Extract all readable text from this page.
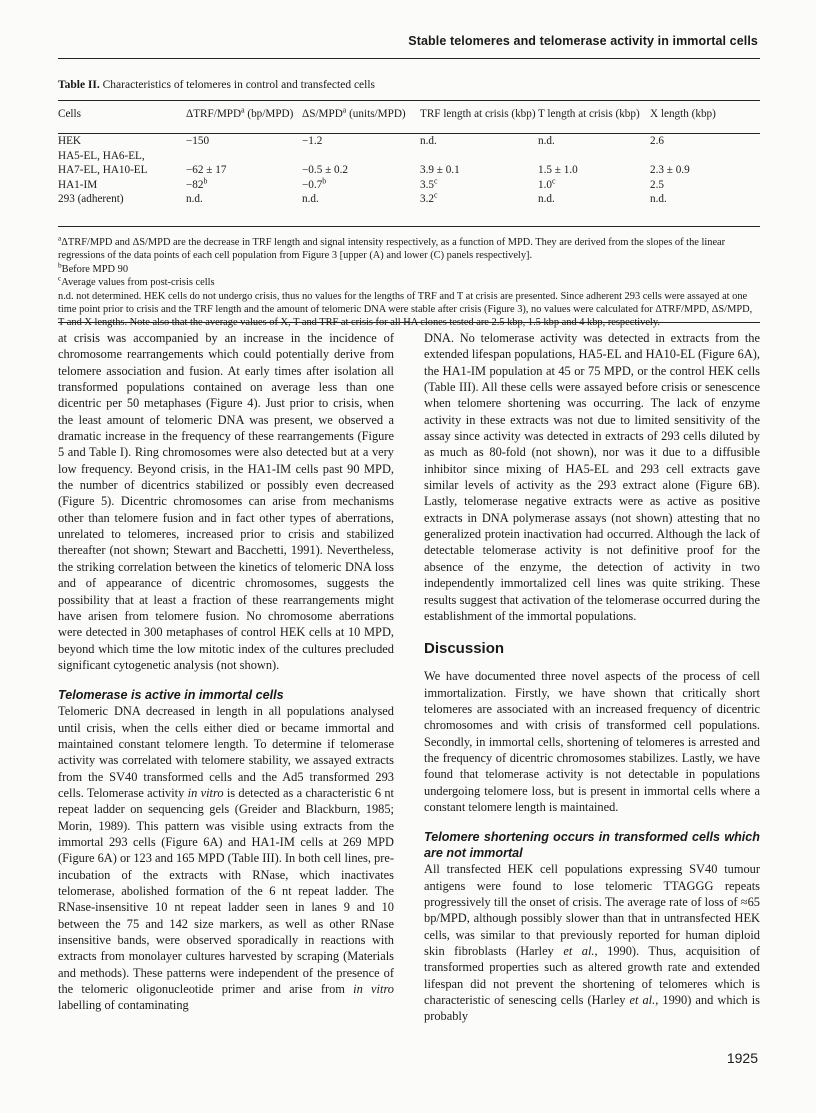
Stable telomeres and telomerase activity in immortal cells
Table II. Characteristics of telomeres in control and transfected cells
Cells	ΔTRF/MPD$^a$ (bp/MPD)	ΔS/MPD$^a$ (units/MPD)	TRF length at crisis (kbp)	T length at crisis (kbp)	X length (kbp)
HEK	−150	−1.2	n.d.	n.d.	2.6
HA5-EL, HA6-EL,					
HA7-EL, HA10-EL	−62 ± 17	−0.5 ± 0.2	3.9 ± 0.1	1.5 ± 1.0	2.3 ± 0.9
HA1-IM	$-82^b$	−0.7$^b$	3.5$^c$	1.0$^c$	2.5
293 (adherent)	n.d.	n.d.	3.2$^c$	n.d.	n.d.

$^a$ΔTRF/MPD and ΔS/MPD are the decrease in TRF length and signal intensity respectively, as a function of MPD. They are derived from the slopes of the linear regressions of the data points of each cell population from Figure 3 [upper (A) and lower (C) panels respectively].

$^b$Before MPD 90

$^c$Average values from post-crisis cells

n.d. not determined. HEK cells do not undergo crisis, thus no values for the lengths of TRF and T at crisis are presented. Since adherent 293 cells were assayed at one time point prior to crisis and the TRF length and the amount of telomeric DNA were stable after crisis (Figure 3), no values were calculated for ΔTRF/MPD, ΔS/MPD, T and X lengths. Note also that the average values of X, T and TRF at crisis for all HA clones tested are 2.5 kbp, 1.5 kbp and 4 kbp, respectively.

at crisis was accompanied by an increase in the incidence of chromosome rearrangements which could potentially derive from telomere association and fusion. At early times after isolation all transformed populations contained on average less than one dicentric per 50 metaphases (Figure 4). Just prior to crisis, when the least amount of telomeric DNA was present, we observed a dramatic increase in the frequency of these rearrangements (Figure 5 and Table I). Ring chromosomes were also detected but at a very low frequency. Beyond crisis, in the HA1-IM cells past 90 MPD, the number of dicentrics stabilized or possibly even decreased (Figure 5). Dicentric chromosomes can arise from mechanisms other than telomere fusion and in fact other types of aberrations, unrelated to telomeres, increased prior to crisis and stabilized thereafter (not shown; Stewart and Bacchetti, 1991). Nevertheless, the striking correlation between the kinetics of telomeric DNA loss and of appearance of dicentric chromosomes, suggests the possibility that at least a fraction of these rearrangements might have arisen from telomere fusion. No chromosome aberrations were detected in 300 metaphases of control HEK cells at 10 MPD, beyond which time the low mitotic index of the cultures precluded significant cytogenetic analysis (not shown).

Telomerase is active in immortal cells

Telomeric DNA decreased in length in all populations analysed until crisis, when the cells either died or became immortal and maintained constant telomere length. To determine if telomerase activity was correlated with telomere stability, we assayed extracts from the SV40 transformed cells and the Ad5 transformed 293 cells. Telomerase activity in vitro is detected as a characteristic 6 nt repeat ladder on sequencing gels (Greider and Blackburn, 1985; Morin, 1989). This pattern was visible using extracts from the immortal 293 cells (Figure 6A) and HA1-IM cells at 269 MPD (Figure 6A) or 123 and 165 MPD (Table III). In both cell lines, pre-incubation of the extracts with RNase, which inactivates telomerase, abolished formation of the 6 nt repeat ladder. The RNase-insensitive 10 nt repeat ladder seen in lanes 9 and 10 between the 75 and 142 size markers, as well as other RNase insensitive bands, were observed sporadically in reactions with extracts from monolayer cultures harvested by scraping (Materials and methods). These patterns were independent of the presence of the telomeric oligonucleotide primer and arise from in vitro labelling of contaminating

DNA. No telomerase activity was detected in extracts from the extended lifespan populations, HA5-EL and HA10-EL (Figure 6A), the HA1-IM population at 45 or 75 MPD, or the control HEK cells (Table III). All these cells were assayed before crisis or senescence when telomere shortening was occurring. The lack of enzyme activity in these extracts was not due to limited sensitivity of the assay since activity was detected in extracts of 293 cells diluted by as much as 80-fold (not shown), nor was it due to a diffusible inhibitor since mixing of HA5-EL and 293 cell extracts gave similar levels of activity as the 293 extract alone (Figure 6B). Lastly, telomerase negative extracts were as active as positive extracts in DNA polymerase assays (not shown) attesting that no generalized protein inactivation had occurred. Although the lack of detectable telomerase activity is not definitive proof for the absence of the enzyme, the detection of activity in two independently immortalized cell lines was quite striking. These results suggest that activation of the telomerase occurred during the establishment of the immortal populations.

Discussion

We have documented three novel aspects of the process of cell immortalization. Firstly, we have shown that critically short telomeres are associated with an increased frequency of dicentric chromosomes and with crisis of transformed cell populations. Secondly, in immortal cells, shortening of telomeres is arrested and the frequency of dicentric chromosomes stabilizes. Lastly, we have found that telomerase activity is not detectable in populations undergoing telomere loss, but is present in immortal cells where a constant telomere length is maintained.

Telomere shortening occurs in transformed cells which are not immortal

All transfected HEK cell populations expressing SV40 tumour antigens were found to lose telomeric TTAGGG repeats progressively till the onset of crisis. The average rate of loss of ≈65 bp/MPD, although possibly slower than that in untransfected HEK cells, was similar to that previously reported for human diploid skin fibroblasts (Harley et al., 1990). Thus, acquisition of transformed properties such as altered growth rate and extended lifespan did not prevent the shortening of telomeres which is characteristic of senescing cells (Harley et al., 1990) and which is probably

1925
